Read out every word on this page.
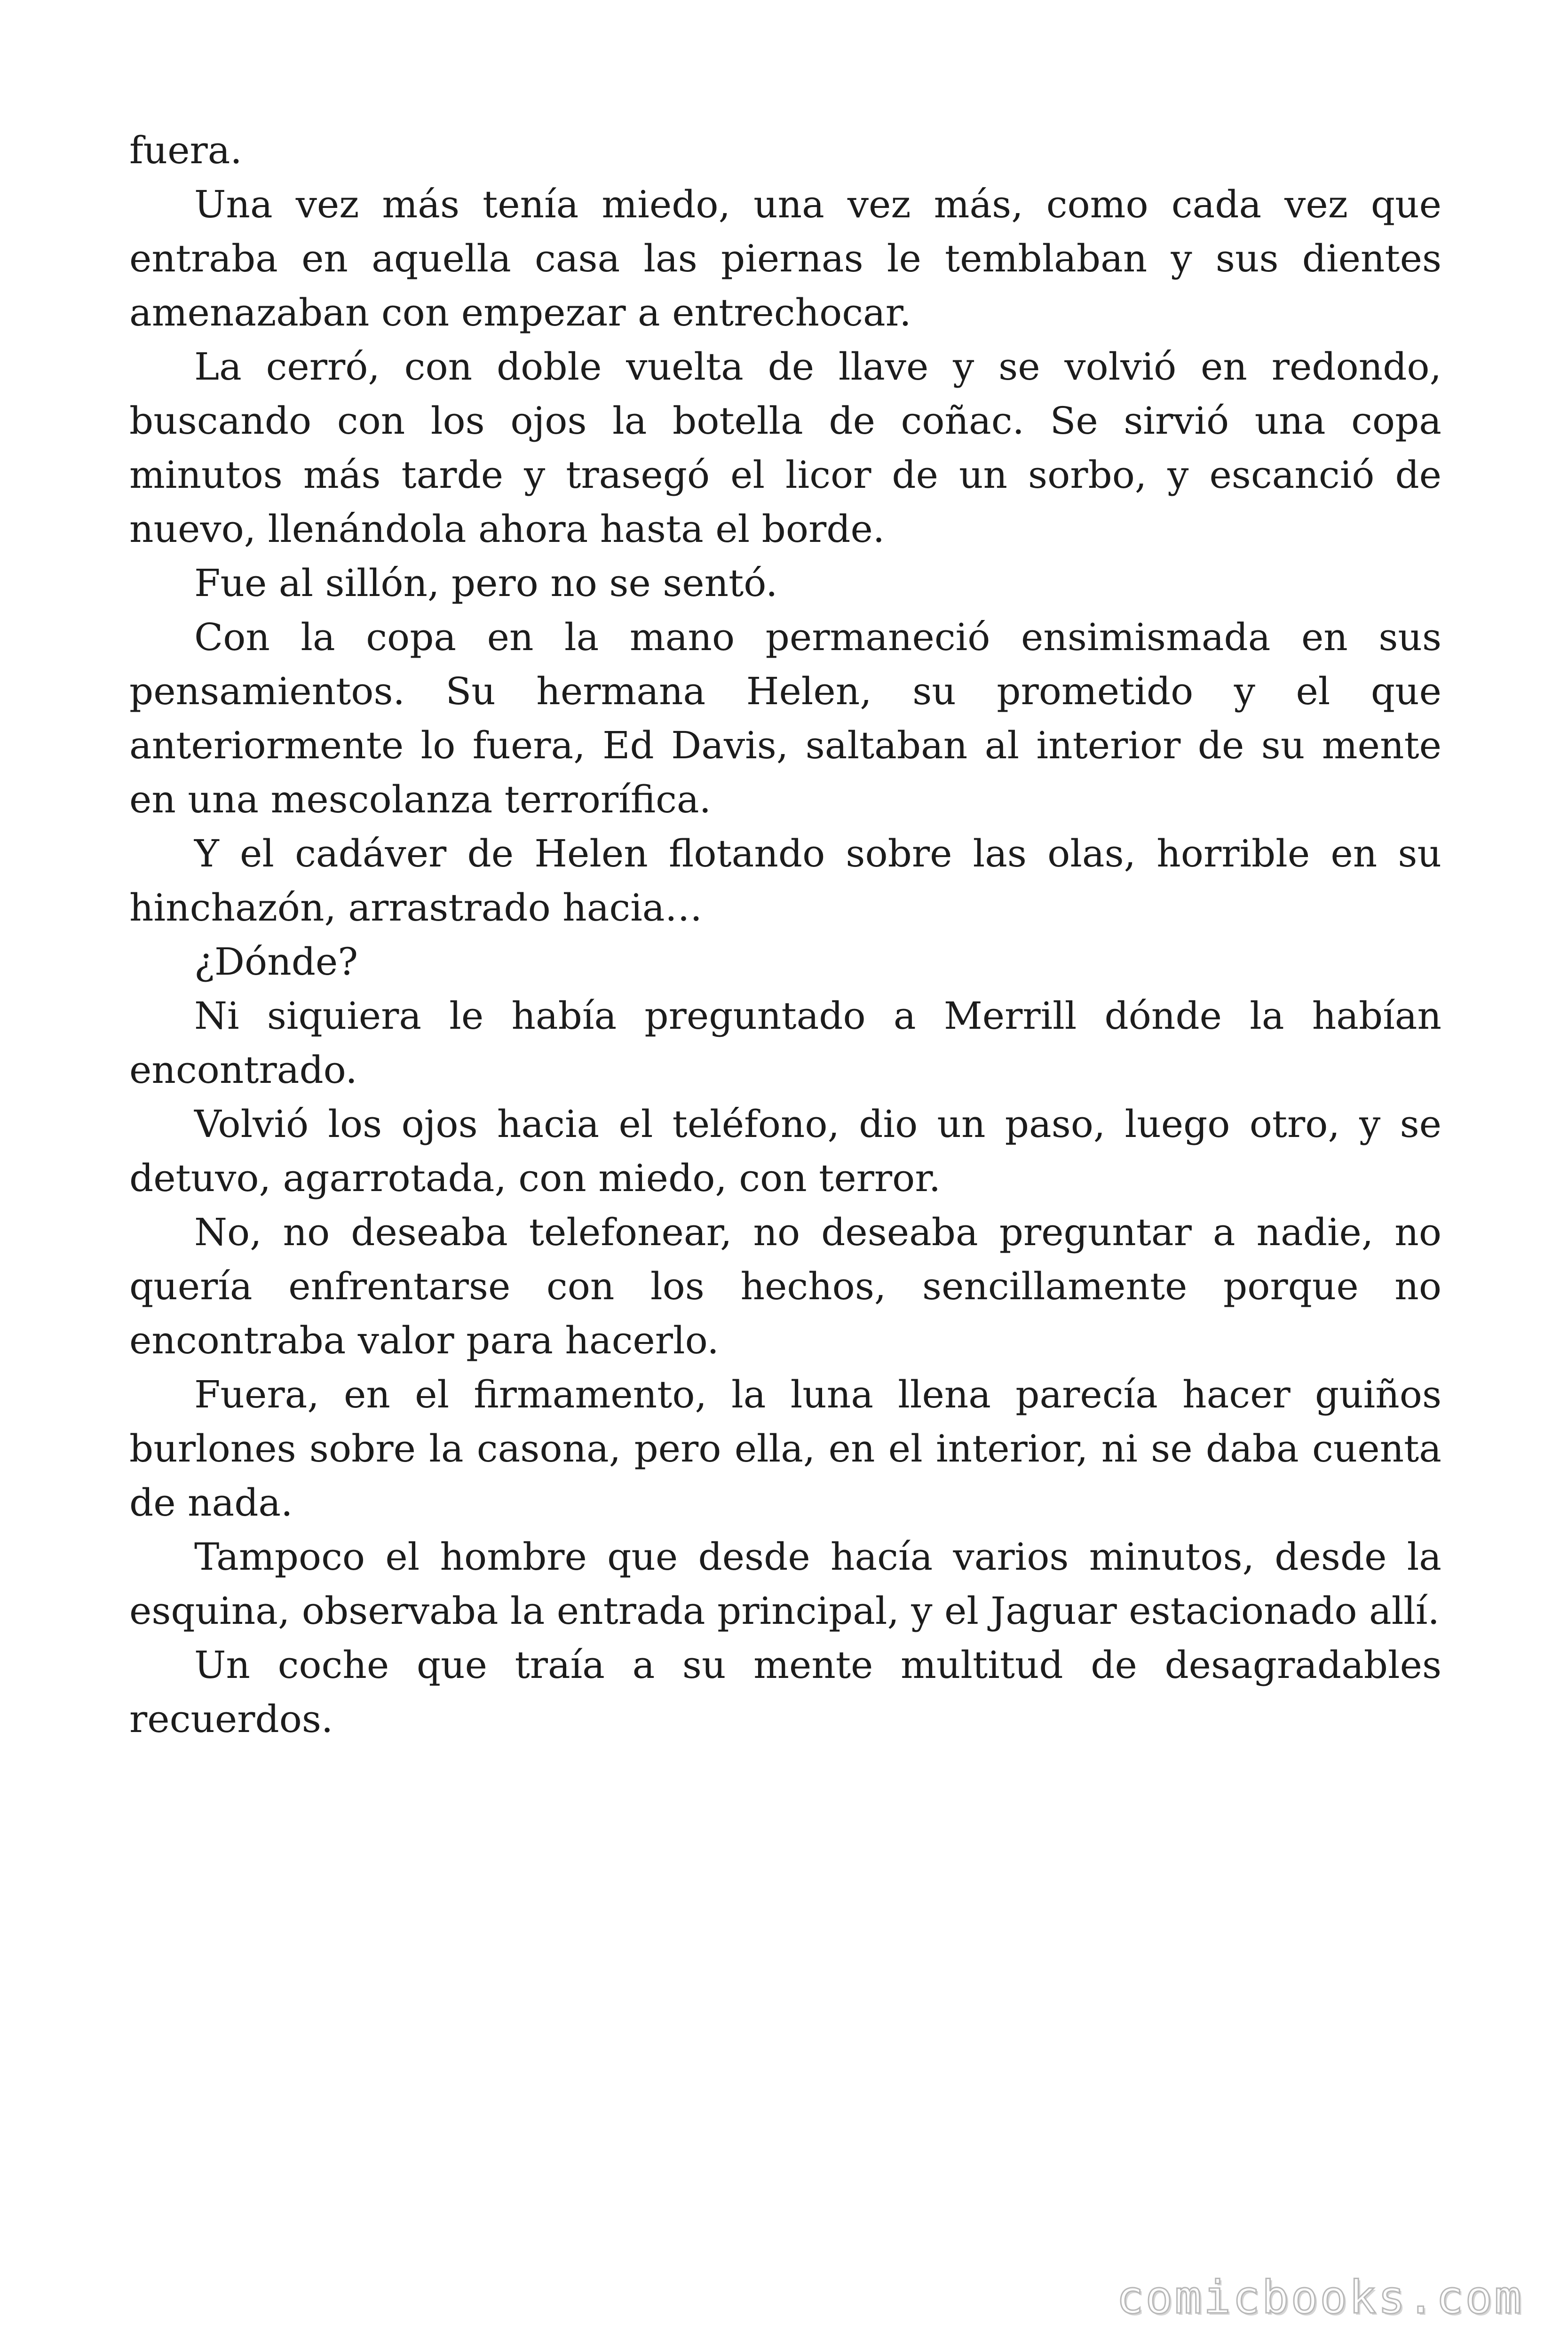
fuera.

Una vez más tenía miedo, una vez más, como cada vez que entraba en aquella casa las piernas le temblaban y sus dientes amenazaban con empezar a entrechocar.

La cerró, con doble vuelta de llave y se volvió en redondo, buscando con los ojos la botella de coñac. Se sirvió una copa minutos más tarde y trasegó el licor de un sorbo, y escanció de nuevo, llenándola ahora hasta el borde.

Fue al sillón, pero no se sentó.

Con la copa en la mano permaneció ensimismada en sus pensamientos. Su hermana Helen, su prometido y el que anteriormente lo fuera, Ed Davis, saltaban al interior de su mente en una mescolanza terrorífica.

Y el cadáver de Helen flotando sobre las olas, horrible en su hinchazón, arrastrado hacia…

¿Dónde?

Ni siquiera le había preguntado a Merrill dónde la habían encontrado.

Volvió los ojos hacia el teléfono, dio un paso, luego otro, y se detuvo, agarrotada, con miedo, con terror.

No, no deseaba telefonear, no deseaba preguntar a nadie, no quería enfrentarse con los hechos, sencillamente porque no encontraba valor para hacerlo.

Fuera, en el firmamento, la luna llena parecía hacer guiños burlones sobre la casona, pero ella, en el interior, ni se daba cuenta de nada.

Tampoco el hombre que desde hacía varios minutos, desde la esquina, observaba la entrada principal, y el Jaguar estacionado allí.

Un coche que traía a su mente multitud de desagradables recuerdos.

comicbooks.com
